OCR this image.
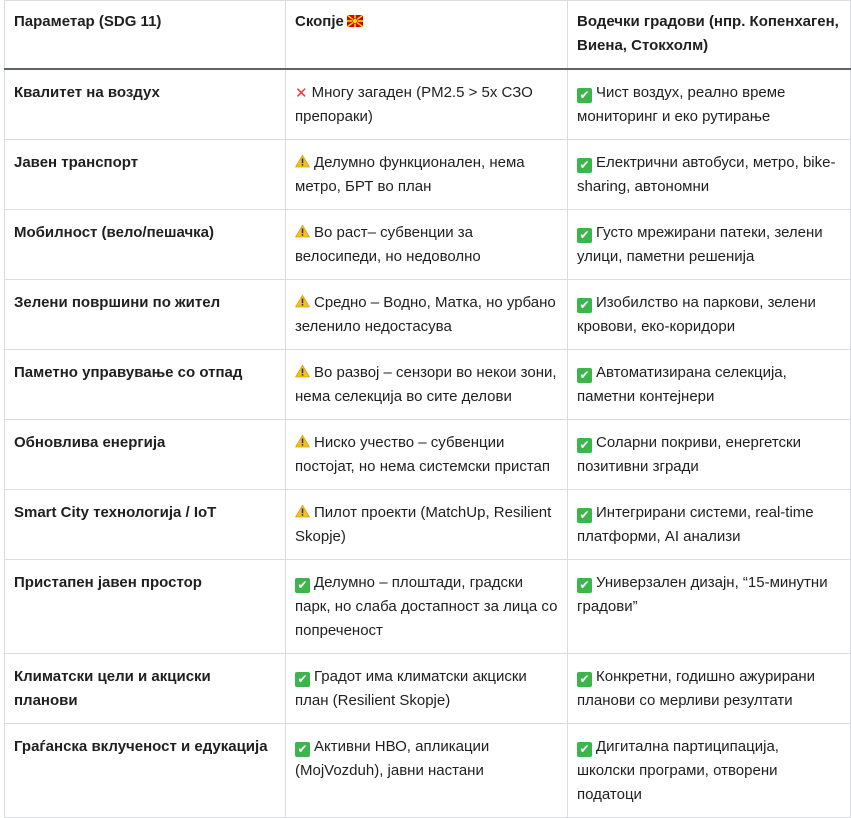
Параметар (SDG 11)	Скопје	Водечки градови (нпр. Копенхаген, Виена, Стокхолм)
Квалитет на воздух	✕ Многу загаден (PM2.5 > 5x СЗО препораки)	✔ Чист воздух, реално време мониторинг и еко рутирање
Јавен транспорт	Делумно функционален, нема метро, БРТ во план	✔ Електрични автобуси, метро, bike-sharing, автономни
Мобилност (вело/пешачка)	Во раст– субвенции за велосипеди, но недоволно	✔ Густо мрежирани патеки, зелени улици, паметни решенија
Зелени површини по жител	Средно – Водно, Матка, но урбано зеленило недостасува	✔ Изобилство на паркови, зелени кровови, еко-коридори
Паметно управување со отпад	Во развој – сензори во некои зони, нема селекција во сите делови	✔ Автоматизирана селекција, паметни контејнери
Обновлива енергија	Ниско учество – субвенции постојат, но нема системски пристап	✔ Соларни покриви, енергетски позитивни згради
Smart City технологија / IoT	Пилот проекти (MatchUp, Resilient Skopje)	✔ Интегрирани системи, real-time платформи, AI анализи
Пристапен јавен простор	✔ Делумно – плоштади, градски парк, но слаба достапност за лица со попреченост	✔ Универзален дизајн, “15-минутни градови”
Климатски цели и акциски планови	✔ Градот има климатски акциски план (Resilient Skopje)	✔ Конкретни, годишно ажурирани планови со мерливи резултати
Граѓанска вклученост и едукација	✔ Активни НВО, апликации (MojVozduh), јавни настани	✔ Дигитална партиципација, школски програми, отворени податоци
